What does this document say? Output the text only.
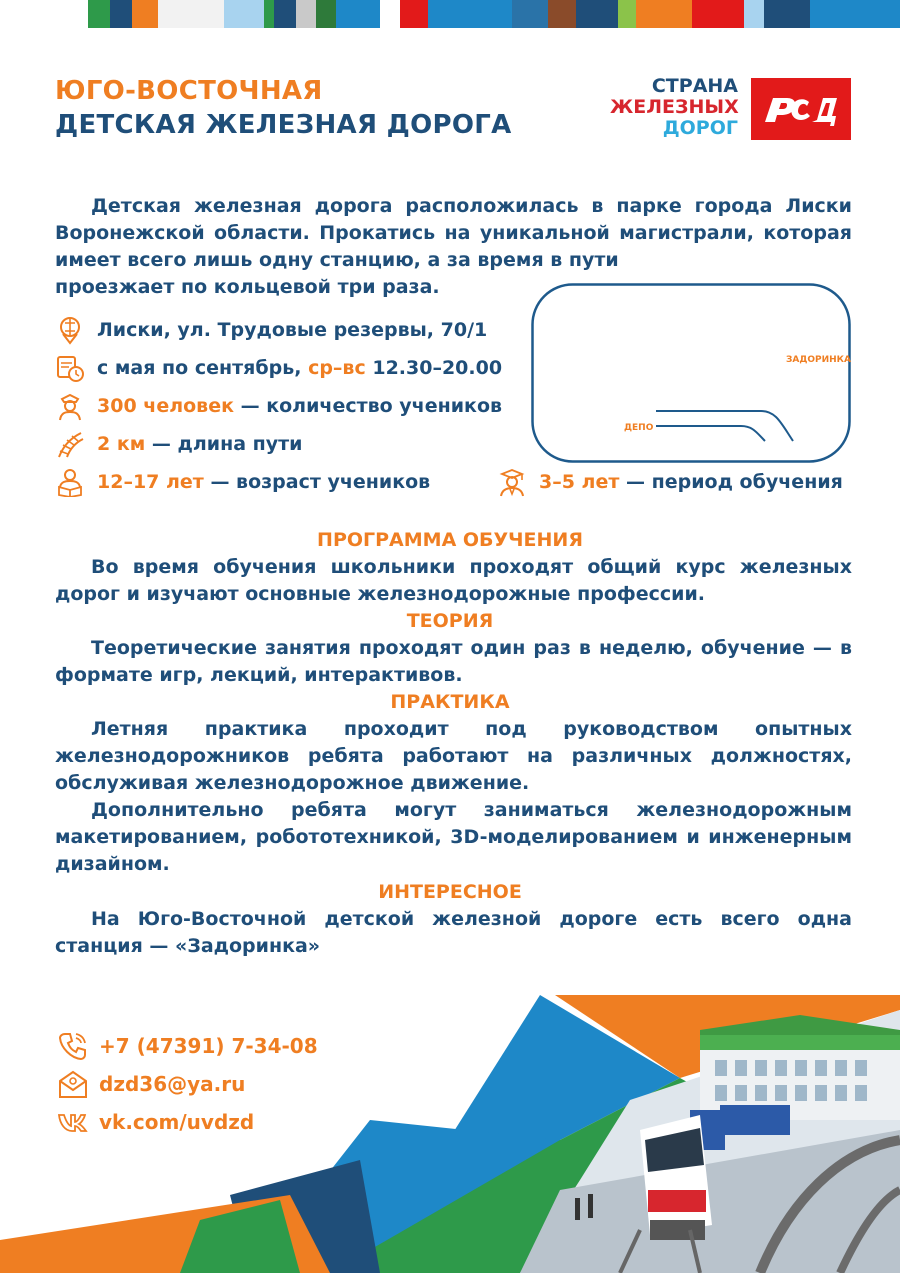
ЮГО-ВОСТОЧНАЯ
ДЕТСКАЯ ЖЕЛЕЗНАЯ ДОРОГА
СТРАНА
ЖЕЛЕЗНЫХ
ДОРОГ

Детская железная дорога расположилась в парке города Лиски Воронежской области. Прокатись на уникальной магистрали, которая имеет всего лишь одну станцию, а за время в пути

проезжает по кольцевой три раза.

ЗАДОРИНКА
ДЕПО
Лиски, ул. Трудовые резервы, 70/1
с мая по сентябрь,
ср–вс
12.30–20.00
300 человек
— количество учеников
2 км
— длина пути
12–17 лет
— возраст учеников	3–5 лет
— период обучения
ПРОГРАММА ОБУЧЕНИЯ

Во время обучения школьники проходят общий курс железных дорог и изучают основные железнодорожные профессии.

ТЕОРИЯ

Теоретические занятия проходят один раз в неделю, обучение — в формате игр, лекций, интерактивов.

ПРАКТИКА

Летняя практика проходит под руководством опытных железнодорожников ребята работают на различных должностях, обслуживая железнодорожное движение.

Дополнительно ребята могут заниматься железнодорожным макетированием, робототехникой, 3D-моделированием и инженерным дизайном.

ИНТЕРЕСНОЕ

На Юго-Восточной детской железной дороге есть всего одна станция — «Задоринка»

+7 (47391) 7-34-08
dzd36@ya.ru
vk.com/uvdzd
